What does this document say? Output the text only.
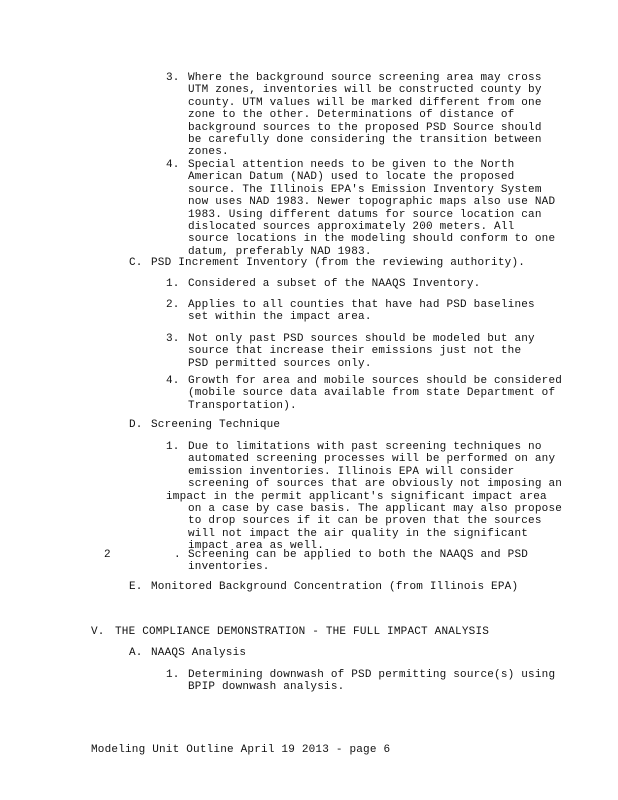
3. Where the background source screening area may cross
UTM zones, inventories will be constructed county by
county. UTM values will be marked different from one
zone to the other. Determinations of distance of
background sources to the proposed PSD Source should
be carefully done considering the transition between
zones.
4. Special attention needs to be given to the North
American Datum (NAD) used to locate the proposed
source. The Illinois EPA's Emission Inventory System
now uses NAD 1983. Newer topographic maps also use NAD
1983. Using different datums for source location can
dislocated sources approximately 200 meters. All
source locations in the modeling should conform to one
datum, preferably NAD 1983.
C. PSD Increment Inventory (from the reviewing authority).
1. Considered a subset of the NAAQS Inventory.
2. Applies to all counties that have had PSD baselines
set within the impact area.
3. Not only past PSD sources should be modeled but any
source that increase their emissions just not the
PSD permitted sources only.
4. Growth for area and mobile sources should be considered
(mobile source data available from state Department of
Transportation).
D. Screening Technique
1. Due to limitations with past screening techniques no
automated screening processes will be performed on any
emission inventories. Illinois EPA will consider
screening of sources that are obviously not imposing an
impact in the permit applicant's significant impact area
on a case by case basis. The applicant may also propose
to drop sources if it can be proven that the sources
will not impact the air quality in the significant
impact area as well.
2	. Screening can be applied to both the NAAQS and PSD
inventories.
E. Monitored Background Concentration (from Illinois EPA)
V. THE COMPLIANCE DEMONSTRATION - THE FULL IMPACT ANALYSIS
A. NAAQS Analysis
1. Determining downwash of PSD permitting source(s) using
BPIP downwash analysis.
Modeling Unit Outline April 19 2013 - page 6
